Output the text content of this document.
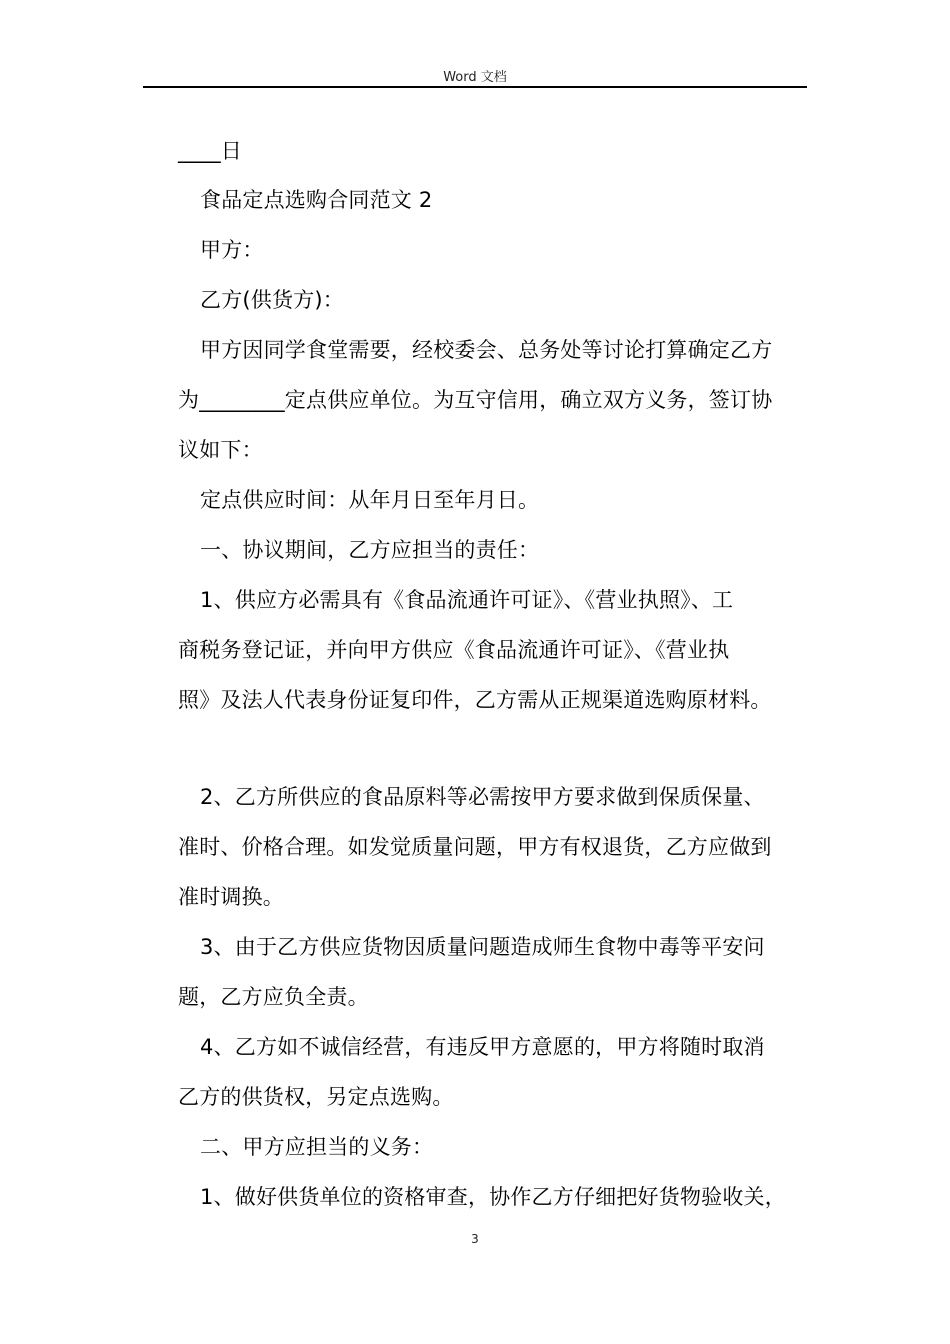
Word 文档
____日
食品定点选购合同范文 2
甲方：
乙方(供货方)：
甲方因同学食堂需要，经校委会、总务处等讨论打算确定乙方
为________定点供应单位。为互守信用，确立双方义务，签订协
议如下：
定点供应时间：从年月日至年月日。
一、协议期间，乙方应担当的责任：
1、供应方必需具有《食品流通许可证》、《营业执照》、工
商税务登记证，并向甲方供应《食品流通许可证》、《营业执
照》及法人代表身份证复印件，乙方需从正规渠道选购原材料。
2、乙方所供应的食品原料等必需按甲方要求做到保质保量、
准时、价格合理。如发觉质量问题，甲方有权退货，乙方应做到
准时调换。
3、由于乙方供应货物因质量问题造成师生食物中毒等平安问
题，乙方应负全责。
4、乙方如不诚信经营，有违反甲方意愿的，甲方将随时取消
乙方的供货权，另定点选购。
二、甲方应担当的义务：
1、做好供货单位的资格审查，协作乙方仔细把好货物验收关，
3
